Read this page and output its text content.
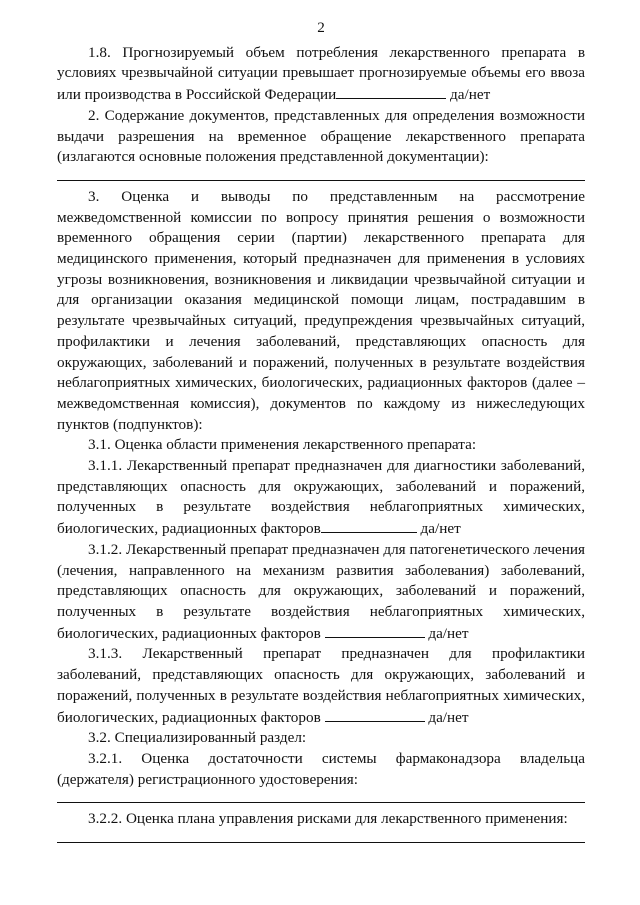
2

1.8. Прогнозируемый объем потребления лекарственного препарата в условиях чрезвычайной ситуации превышает прогнозируемые объемы его ввоза или производства в Российской Федерации	да/нет

2. Содержание документов, представленных для определения возможности выдачи разрешения на временное обращение лекарственного препарата (излагаются основные положения представленной документации):

3. Оценка и выводы по представленным на рассмотрение межведомственной комиссии по вопросу принятия решения о возможности временного обращения серии (партии) лекарственного препарата для медицинского применения, который предназначен для применения в условиях угрозы возникновения, возникновения и ликвидации чрезвычайной ситуации и для организации оказания медицинской помощи лицам, пострадавшим в результате чрезвычайных ситуаций, предупреждения чрезвычайных ситуаций, профилактики и лечения заболеваний, представляющих опасность для окружающих, заболеваний и поражений, полученных в результате воздействия неблагоприятных химических, биологических, радиационных факторов (далее – межведомственная комиссия), документов по каждому из нижеследующих пунктов (подпунктов):

3.1. Оценка области применения лекарственного препарата:

3.1.1. Лекарственный препарат предназначен для диагностики заболеваний, представляющих опасность для окружающих, заболеваний и поражений, полученных в результате воздействия неблагоприятных химических, биологических, радиационных факторов	да/нет

3.1.2. Лекарственный препарат предназначен для патогенетического лечения (лечения, направленного на механизм развития заболевания) заболеваний, представляющих опасность для окружающих, заболеваний и поражений, полученных в результате воздействия неблагоприятных химических, биологических, радиационных факторов	да/нет

3.1.3. Лекарственный препарат предназначен для профилактики заболеваний, представляющих опасность для окружающих, заболеваний и поражений, полученных в результате воздействия неблагоприятных химических, биологических, радиационных факторов	да/нет

3.2. Специализированный раздел:

3.2.1. Оценка достаточности системы фармаконадзора владельца (держателя) регистрационного удостоверения:

3.2.2. Оценка плана управления рисками для лекарственного применения:
